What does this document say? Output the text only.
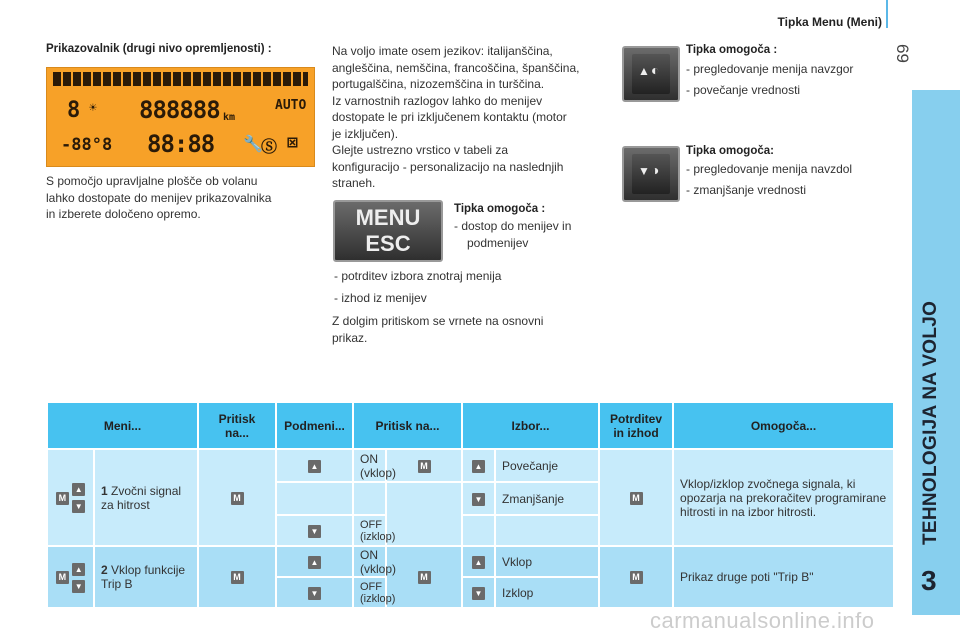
Tipka Menu (Meni)
69
TEHNOLOGIJA NA VOLJO
3
Prikazovalnik (drugi nivo opremljenosti) :
8 ☀ 888888 km
AUTO
-88°8 88:88 🔧
Ⓢ ⊠
S pomočjo upravljalne plošče ob volanu
lahko dostopate do menijev prikazovalnika
in izberete določeno opremo.
Na voljo imate osem jezikov: italijanščina,
angleščina, nemščina, francoščina, španščina,
portugalščina, nizozemščina in turščina.
Iz varnostnih razlogov lahko do menijev
dostopate le pri izključenem kontaktu (motor
je izključen).
Glejte ustrezno vrstico v tabeli za
konfiguracijo - personalizacijo na naslednjih
straneh.
MENU
ESC
Tipka omogoča :
- dostop do menijev in
podmenijev
- potrditev izbora znotraj menija
- izhod iz menijev
Z dolgim pritiskom se vrnete na osnovni
prikaz.
▲ ◐
Tipka omogoča :
- pregledovanje menija navzgor
- povečanje vrednosti
▼ ◑
Tipka omogoča:
- pregledovanje menija navzdol
- zmanjšanje vrednosti
Meni...		Pritisk na...	Podmeni...	Pritisk na...		Izbor...		Potrditev in izhod	Omogoča...
M
▲
▼	1 Zvočni signal za hitrost	M	▲	ON (vklop)	M	▲	Povečanje	M	Vklop/izklop zvočnega signala, ki opozarja na prekoračitev programirane hitrosti in na izbor hitrosti.
						▼	Zmanjšanje		
			▼	OFF (izklop)					
M
▲
▼	2 Vklop funkcije Trip B	M	▲	ON (vklop)	M	▲	Vklop	M	Prikaz druge poti "Trip B"
			▼	OFF (izklop)		▼	Izklop		
carmanualsonline.info
